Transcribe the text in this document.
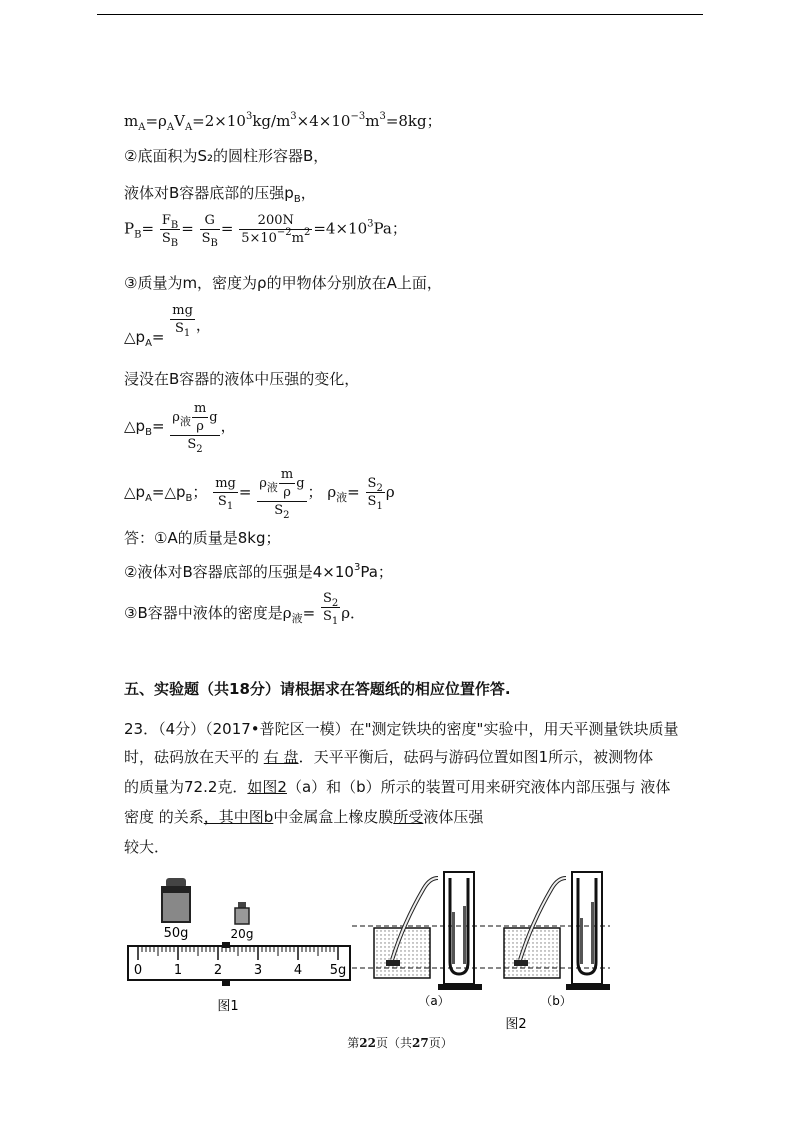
$m_A=\rho_AV_A=2\times 10^3kg/m^3\times 4\times 10^{-3}m^3=8kg$；
②底面积为S₂的圆柱形容器B，
液体对B容器底部的压强$p_B$，
$P_B= \frac{F_B}{S_B} = \frac{G}{S_B} = \frac{200N}{5\times 10^{-2}m^2} =4\times 10^3Pa$；
③质量为m，密度为ρ的甲物体分别放在A上面，
$\triangle p_A= \frac{mg}{S_1}$ ，
浸没在B容器的液体中压强的变化，
$\triangle p_B= \frac{\rho_液 \frac{m}{\rho} g}{S_2}$ ，
$\triangle p_A=\triangle p_B$； $\frac{mg}{S_1} = \frac{\rho_液 \frac{m}{\rho} g}{S_2}$ ； $\rho_液= \frac{S_2}{S_1}$ ρ
答：①A的质量是8kg；
②液体对B容器底部的压强是$4\times 10^3Pa$；
③B容器中液体的密度是$\rho_液= \frac{S_2}{S_1}$ ρ．
五、实验题（共18分）请根据求在答题纸的相应位置作答.
23．（4分）（2017•普陀区一模）在"测定铁块的密度"实验中，用天平测量铁块质量
时，砝码放在天平的 右 盘．天平平衡后，砝码与游码位置如图1所示，被测物体
的质量为72.2克．如图2（a）和（b）所示的装置可用来研究液体内部压强与 液体
密度 的关系，其中图b中金属盒上橡皮膜所受液体压强
较大．
50g	20g
0 1 2 3 4 5g
图1	（a）	（b）
图2
第22页（共27页）
